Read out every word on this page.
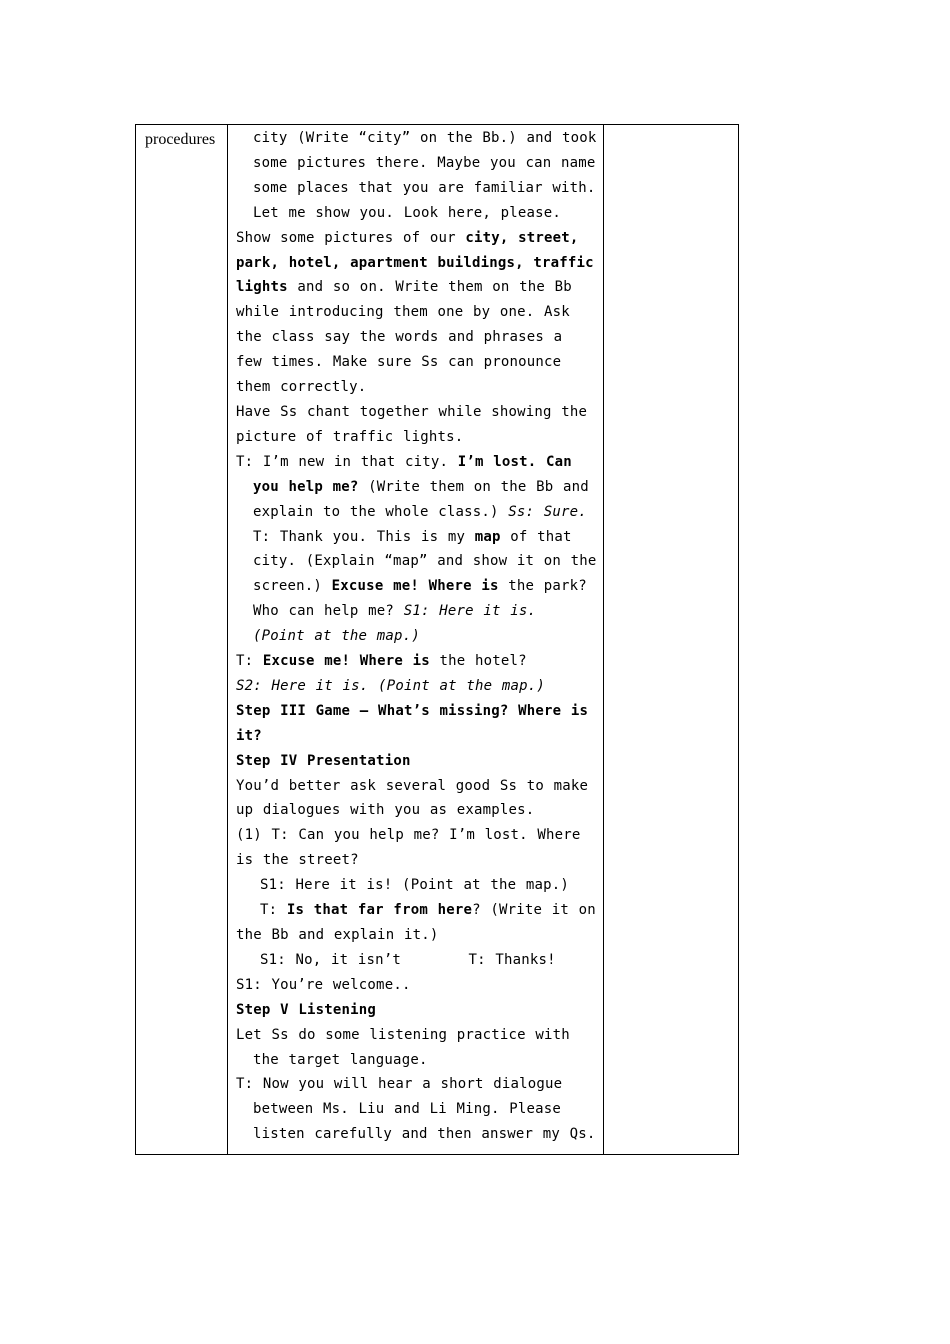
procedures	city (Write “city” on the Bb.) and took some pictures there. Maybe you can name some places that you are familiar with. Let me show you. Look here, please.

Show some pictures of our city, street, park, hotel, apartment buildings, traffic lights and so on. Write them on the Bb while introducing them one by one. Ask the class say the words and phrases a few times. Make sure Ss can pronounce them correctly.

Have Ss chant together while showing the picture of traffic lights.

T: I’m new in that city. I’m lost. Can you help me? (Write them on the Bb and explain to the whole class.) Ss: Sure.

T: Thank you. This is my map of that city. (Explain “map” and show it on the screen.) Excuse me! Where is the park? Who can help me? S1: Here it is. (Point at the map.)

T: Excuse me! Where is the hotel?

S2: Here it is. (Point at the map.)

Step III Game — What’s missing? Where is it?

Step IV Presentation

You’d better ask several good Ss to make up dialogues with you as examples.

(1) T: Can you help me? I’m lost. Where is the street?

S1: Here it is! (Point at the map.)

T: Is that far from here? (Write it on the Bb and explain it.)

S1: No, it isn’t       T: Thanks!

S1: You’re welcome..

Step V Listening

Let Ss do some listening practice with the target language.

T: Now you will hear a short dialogue between Ms. Liu and Li Ming. Please listen carefully and then answer my Qs.
